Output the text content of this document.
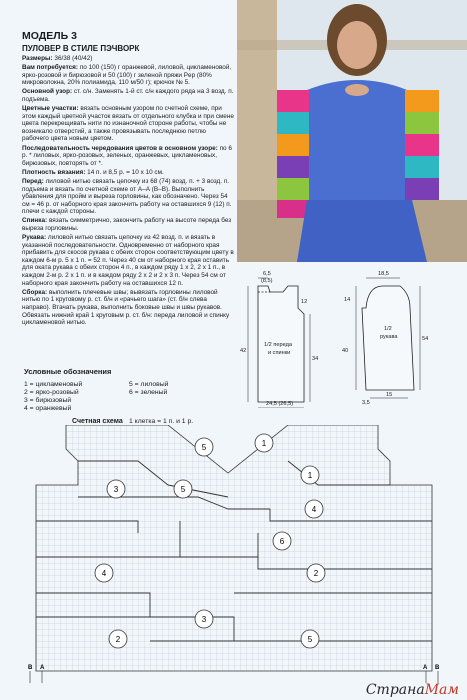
МОДЕЛЬ 3

ПУЛОВЕР В СТИЛЕ ПЭЧВОРК

Размеры: 36/38 (40/42)

Вам потребуется: по 100 (150) г оранжевой, лиловой, цикламеновой, ярко-розовой и бирюзовой и 50 (100) г зеленой пряжи Pep (80% микроволокна, 20% полиамида, 110 м/50 г); крючок № 5.

Основной узор: ст. с/н. Заменять 1-й ст. с/н каждого ряда на 3 возд. п. подъема.

Цветные участки: вязать основным узором по счетной схеме, при этом каждый цветной участок вязать от отдельного клубка и при смене цвета перекрещивать нити по изнаночной стороне работы, чтобы не возникало отверстий, а также провязывать последнюю петлю рабочего цвета новым цветом.

Последовательность чередования цветов в основном узоре: по 6 р. * лиловых, ярко-розовых, зеленых, оранжевых, цикламеновых, бирюзовых, повторять от *.

Плотность вязания: 14 п. и 8,5 р. = 10 х 10 см.

Перед: лиловой нитью связать цепочку из 68 (74) возд. п. + 3 возд. п. подъема и вязать по счетной схеме от А–А (В–В). Выполнить убавления для пройм и выреза горловины, как обозначено. Через 54 см = 46 р. от наборного края закончить работу на оставшихся 9 (12) п. плечи с каждой стороны.

Спинка: вязать симметрично, закончить работу на высоте переда без выреза горловины.

Рукава: лиловой нитью связать цепочку из 42 возд. п. и вязать в указанной последовательности. Одновременно от наборного края прибавить для скосов рукава с обеих сторон соответствующим цвету в каждом 6-м р. 5 х 1 п. = 52 п. Через 40 см от наборного края оставить для оката рукава с обеих сторон 4 п., в каждом ряду 1 х 2, 2 х 1 п., в каждом 2-м р. 2 х 1 п. и в каждом ряду 2 х 2 и 2 х 3 п. Через 54 см от наборного края закончить работу на оставшихся 12 п.

Сборка: выполнить плечевые швы; вывязать горловины лиловой нитью по 1 круговому р. ст. б/н и «рачьего шага» (ст. б/н слева направо). Втачать рукава, выполнить боковые швы и швы рукавов. Обвязать нижний край 1 круговым р. ст. б/н: переда лиловой и спинку цикламеновой нитью.

6,5
(8,5)
12
42
34
24,5 (26,5)
1/2 переда
и спинки
18,5
14
40
54
15
3,5
1/2
рукава
Условные обозначения

1 = цикламеновый

2 = ярко-розовый

3 = бирюзовый

4 = оранжевый

5 = лиловый

6 = зеленый

1 клетка = 1 п. и 1 р.

Счетная схема
5	1
3	5
1
4
6
4	2
3
5
2
B A	A B
СтранаМам
